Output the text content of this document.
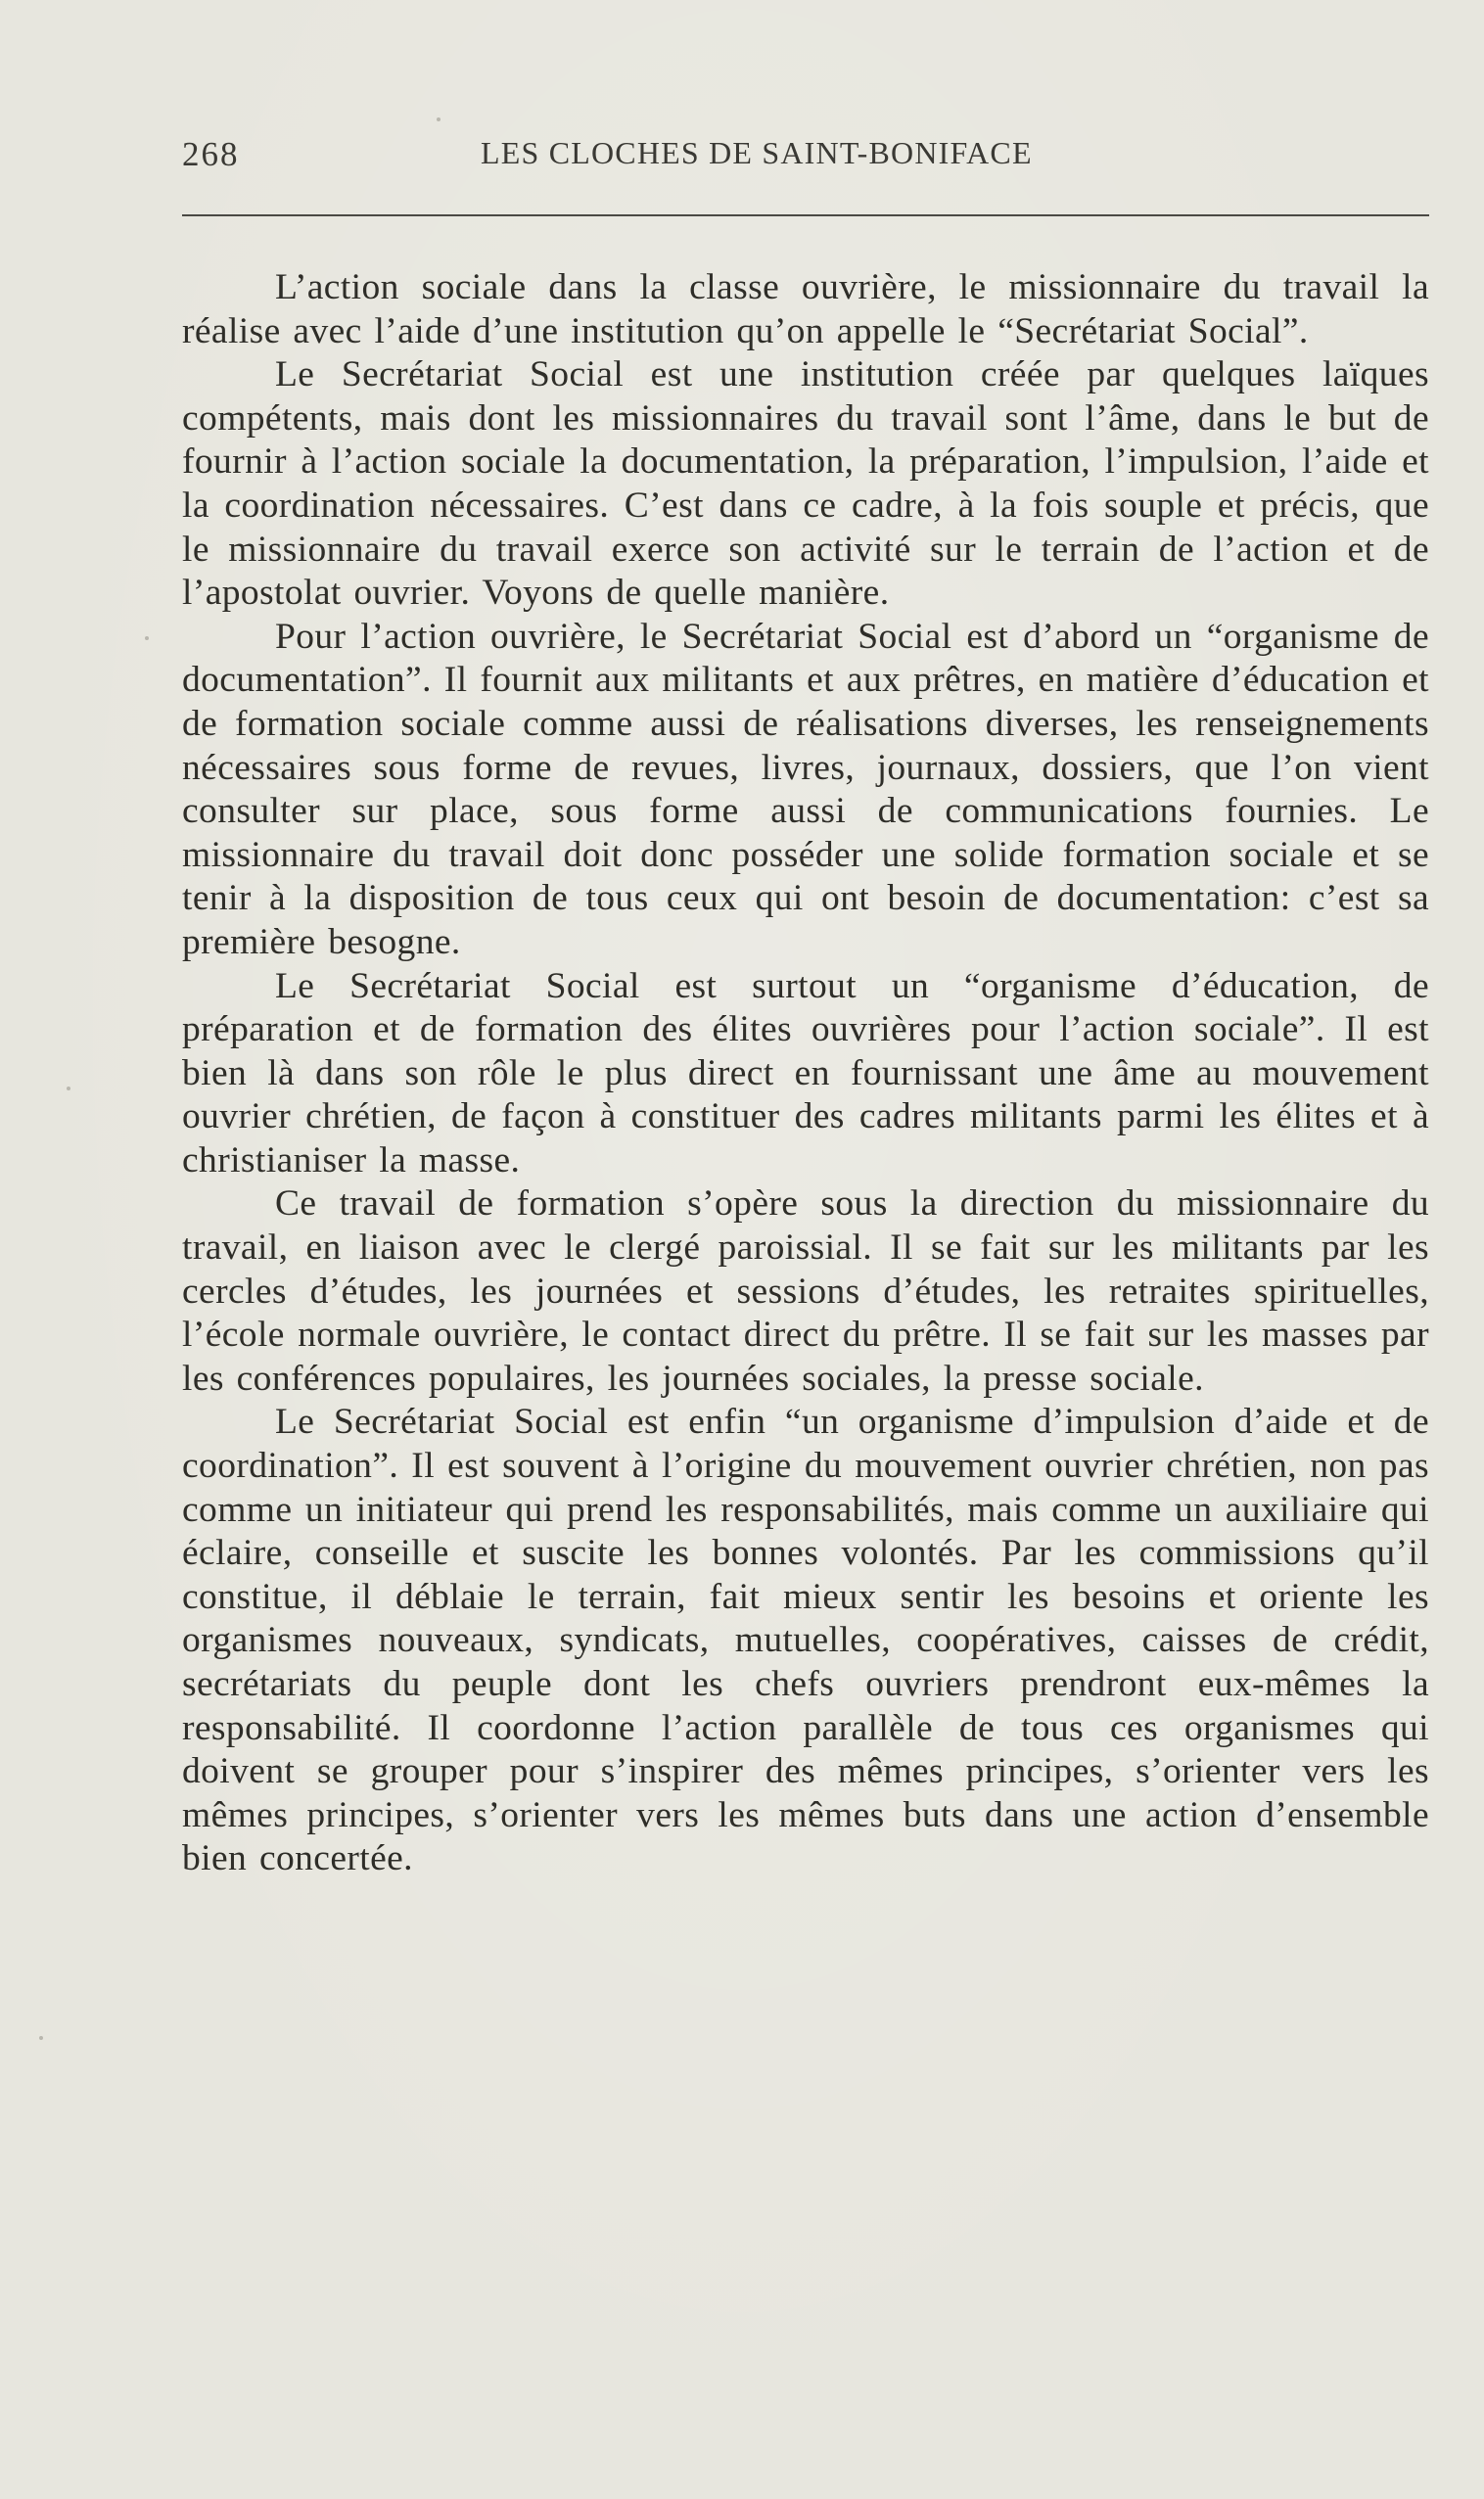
268	LES CLOCHES DE SAINT-BONIFACE

L’action sociale dans la classe ouvrière, le missionnaire du travail la réalise avec l’aide d’une institution qu’on appelle le “Secrétariat Social”.

Le Secrétariat Social est une institution créée par quelques laïques compétents, mais dont les missionnaires du travail sont l’âme, dans le but de fournir à l’action sociale la documentation, la préparation, l’impulsion, l’aide et la coordination nécessaires. C’est dans ce cadre, à la fois souple et précis, que le missionnaire du travail exerce son activité sur le terrain de l’action et de l’apostolat ouvrier. Voyons de quelle manière.

Pour l’action ouvrière, le Secrétariat Social est d’abord un “organisme de documentation”. Il fournit aux militants et aux prêtres, en matière d’éducation et de formation sociale comme aussi de réalisations diverses, les renseignements nécessaires sous forme de revues, livres, journaux, dossiers, que l’on vient consulter sur place, sous forme aussi de communications fournies. Le missionnaire du travail doit donc posséder une solide formation sociale et se tenir à la disposition de tous ceux qui ont besoin de documentation: c’est sa première besogne.

Le Secrétariat Social est surtout un “organisme d’éducation, de préparation et de formation des élites ouvrières pour l’action sociale”. Il est bien là dans son rôle le plus direct en fournissant une âme au mouvement ouvrier chrétien, de façon à constituer des cadres militants parmi les élites et à christianiser la masse.

Ce travail de formation s’opère sous la direction du missionnaire du travail, en liaison avec le clergé paroissial. Il se fait sur les militants par les cercles d’études, les journées et sessions d’études, les retraites spirituelles, l’école normale ouvrière, le contact direct du prêtre. Il se fait sur les masses par les conférences populaires, les journées sociales, la presse sociale.

Le Secrétariat Social est enfin “un organisme d’impulsion d’aide et de coordination”. Il est souvent à l’origine du mouvement ouvrier chrétien, non pas comme un initiateur qui prend les responsabilités, mais comme un auxiliaire qui éclaire, conseille et suscite les bonnes volontés. Par les commissions qu’il constitue, il déblaie le terrain, fait mieux sentir les besoins et oriente les organismes nouveaux, syndicats, mutuelles, coopératives, caisses de crédit, secrétariats du peuple dont les chefs ouvriers prendront eux-mêmes la responsabilité. Il coordonne l’action parallèle de tous ces organismes qui doivent se grouper pour s’inspirer des mêmes principes, s’orienter vers les mêmes principes, s’orienter vers les mêmes buts dans une action d’ensemble bien concertée.
